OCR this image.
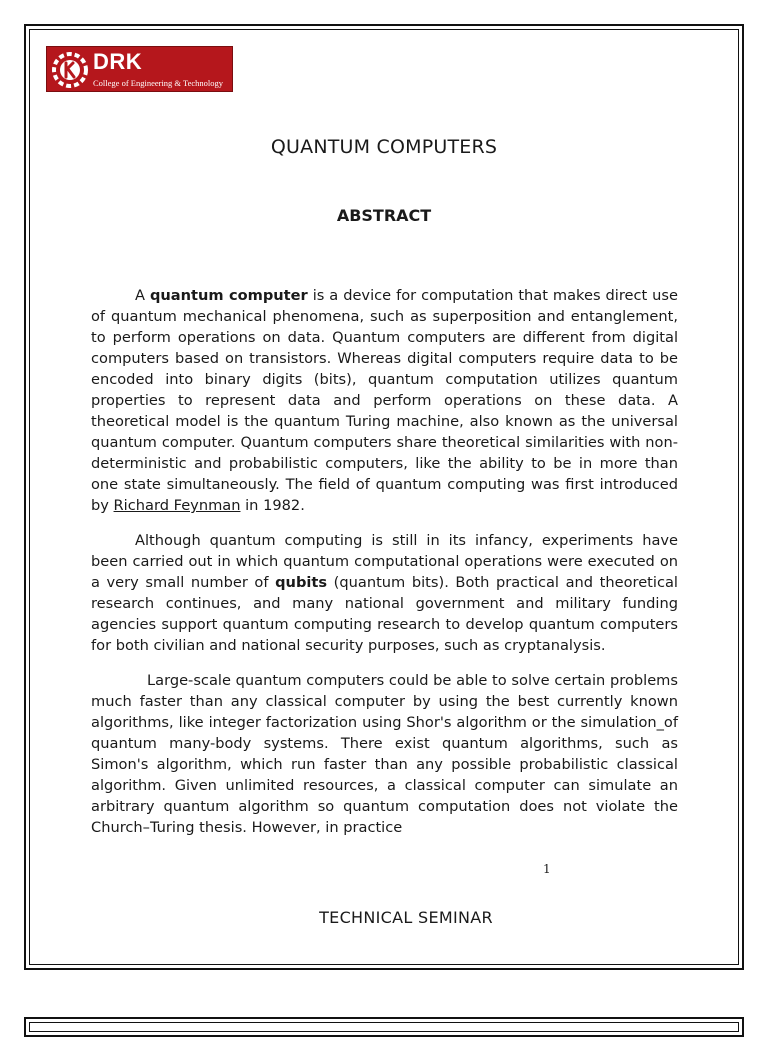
DRK
College of Engineering & Technology
QUANTUM COMPUTERS
ABSTRACT

A quantum computer is a device for computation that makes direct use of quantum mechanical phenomena, such as superposition and entanglement, to perform operations on data. Quantum computers are different from digital computers based on transistors. Whereas digital computers require data to be encoded into binary digits (bits), quantum computation utilizes quantum properties to represent data and perform operations on these data. A theoretical model is the quantum Turing machine, also known as the universal quantum computer. Quantum computers share theoretical similarities with non-deterministic and probabilistic computers, like the ability to be in more than one state simultaneously. The field of quantum computing was first introduced by Richard Feynman in 1982.

Although quantum computing is still in its infancy, experiments have been carried out in which quantum computational operations were executed on a very small number of qubits (quantum bits). Both practical and theoretical research continues, and many national government and military funding agencies support quantum computing research to develop quantum computers for both civilian and national security purposes, such as cryptanalysis.

Large-scale quantum computers could be able to solve certain problems much faster than any classical computer by using the best currently known algorithms, like integer factorization using Shor's algorithm or the simulation_of quantum many-body systems. There exist quantum algorithms, such as Simon's algorithm, which run faster than any possible probabilistic classical algorithm. Given unlimited resources, a classical computer can simulate an arbitrary quantum algorithm so quantum computation does not violate the Church–Turing thesis. However, in practice

1
TECHNICAL SEMINAR
